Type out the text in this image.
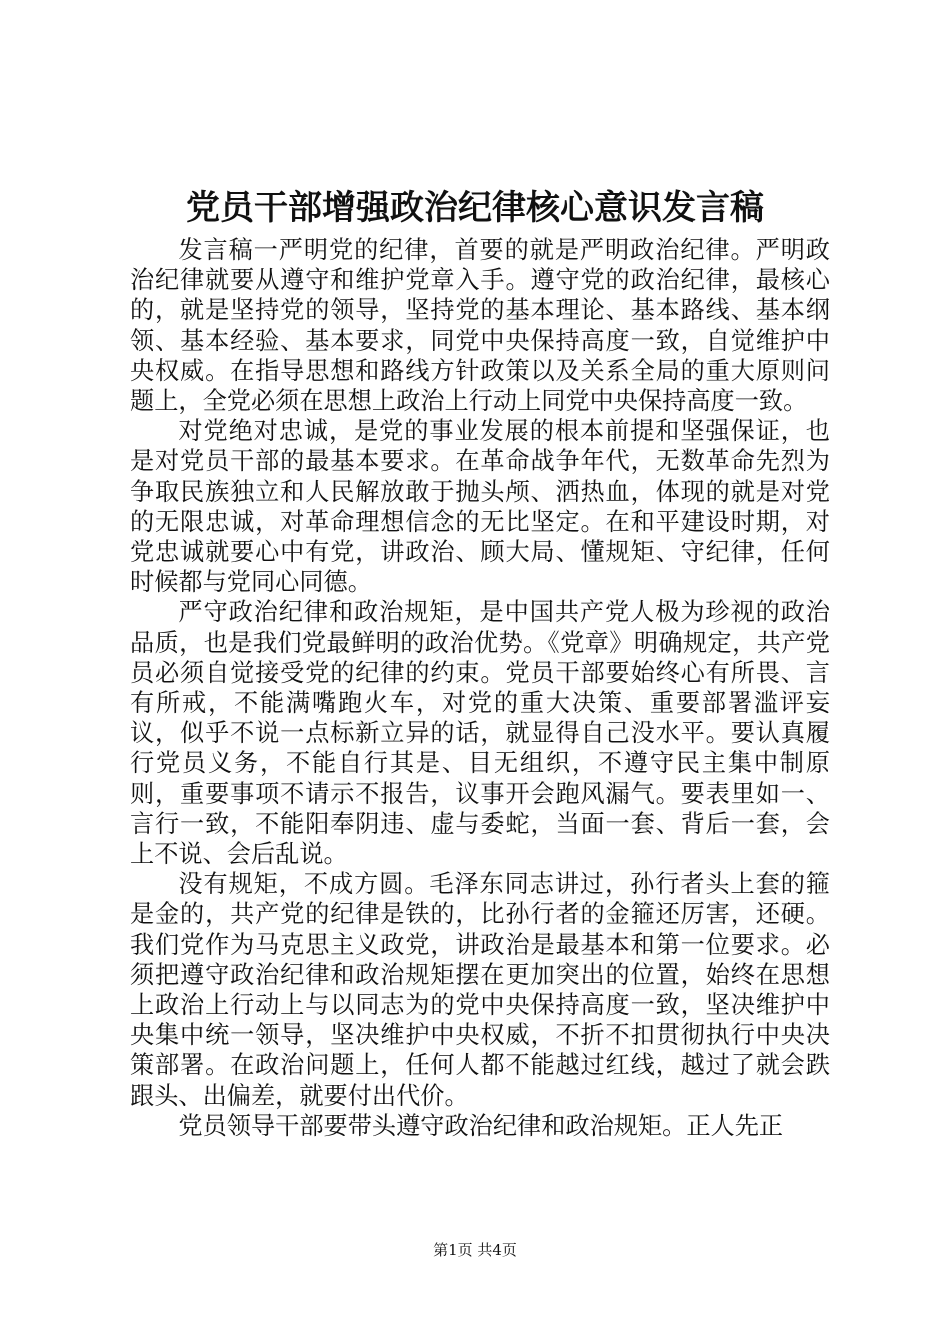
党员干部增强政治纪律核心意识发言稿

发言稿一严明党的纪律，首要的就是严明政治纪律。严明政治纪律就要从遵守和维护党章入手。遵守党的政治纪律，最核心的，就是坚持党的领导，坚持党的基本理论、基本路线、基本纲领、基本经验、基本要求，同党中央保持高度一致，自觉维护中央权威。在指导思想和路线方针政策以及关系全局的重大原则问题上，全党必须在思想上政治上行动上同党中央保持高度一致。

对党绝对忠诚，是党的事业发展的根本前提和坚强保证，也是对党员干部的最基本要求。在革命战争年代，无数革命先烈为争取民族独立和人民解放敢于抛头颅、洒热血，体现的就是对党的无限忠诚，对革命理想信念的无比坚定。在和平建设时期，对党忠诚就要心中有党，讲政治、顾大局、懂规矩、守纪律，任何时候都与党同心同德。

严守政治纪律和政治规矩，是中国共产党人极为珍视的政治品质，也是我们党最鲜明的政治优势。《党章》明确规定，共产党员必须自觉接受党的纪律的约束。党员干部要始终心有所畏、言有所戒，不能满嘴跑火车，对党的重大决策、重要部署滥评妄议，似乎不说一点标新立异的话，就显得自己没水平。要认真履行党员义务，不能自行其是、目无组织，不遵守民主集中制原则，重要事项不请示不报告，议事开会跑风漏气。要表里如一、言行一致，不能阳奉阴违、虚与委蛇，当面一套、背后一套，会上不说、会后乱说。

没有规矩，不成方圆。毛泽东同志讲过，孙行者头上套的箍是金的，共产党的纪律是铁的，比孙行者的金箍还厉害，还硬。我们党作为马克思主义政党，讲政治是最基本和第一位要求。必须把遵守政治纪律和政治规矩摆在更加突出的位置，始终在思想上政治上行动上与以同志为的党中央保持高度一致，坚决维护中央集中统一领导，坚决维护中央权威，不折不扣贯彻执行中央决策部署。在政治问题上，任何人都不能越过红线，越过了就会跌跟头、出偏差，就要付出代价。

党员领导干部要带头遵守政治纪律和政治规矩。正人先正

第1页 共4页
